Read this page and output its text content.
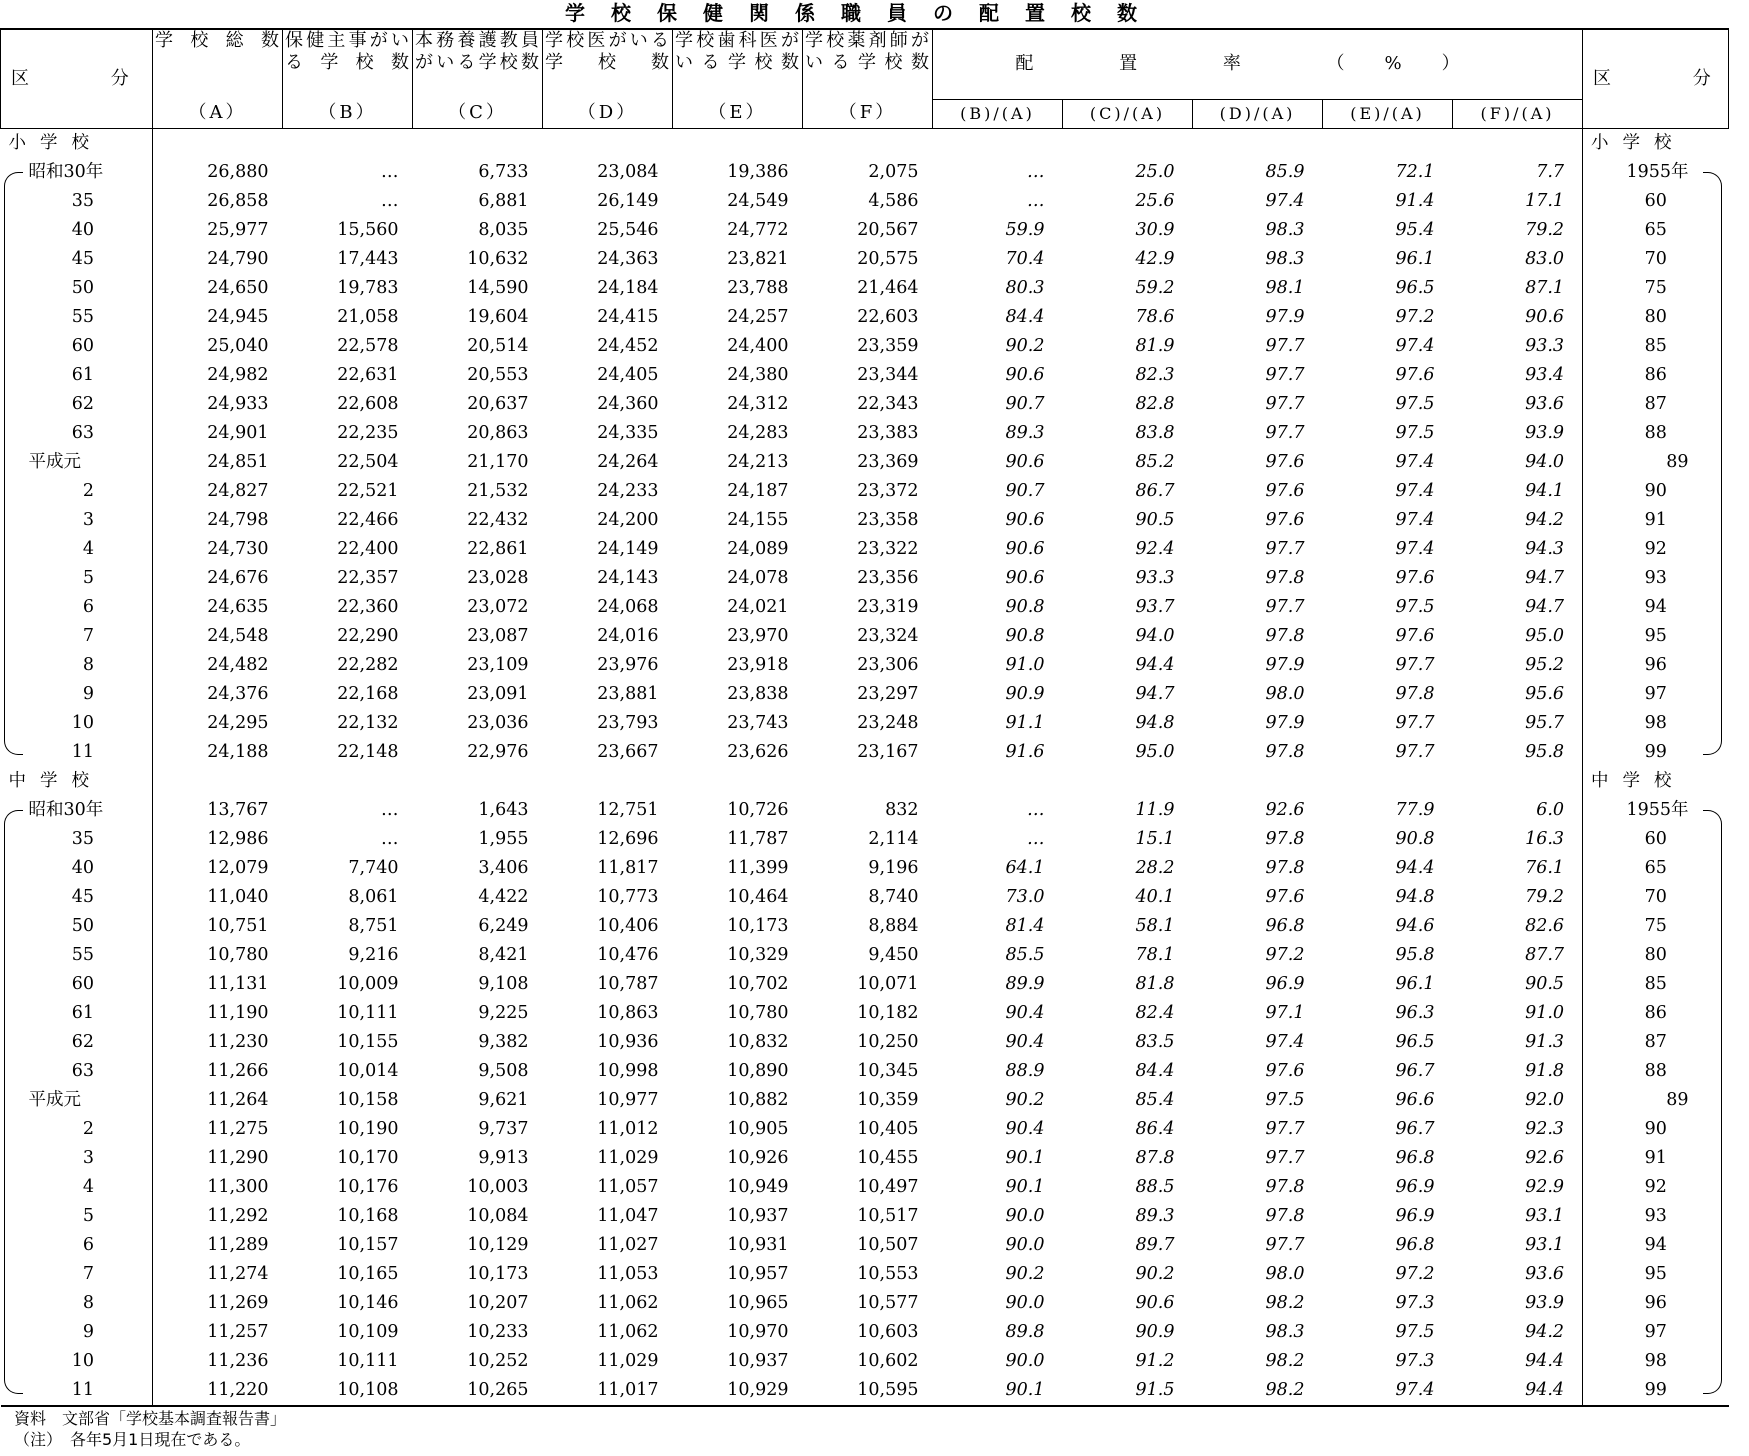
学校保健関係職員の配置校数
区 分	学校総数	保健主事がいる学校数	本務養護教員がいる学校数	学校医がいる学校数	学校歯科医がいる学校数	学校薬剤師がいる学校数	配 置 率 （%）					区 分
	（A）	（B）	（C）	（D）	（E）	（F）	(B)/(A)	(C)/(A)	(D)/(A)	(E)/(A)	(F)/(A)	
小学校												小学校
昭和30年	26,880	…	6,733	23,084	19,386	2,075	…	25.0	85.9	72.1	7.7	1955年
35	26,858	…	6,881	26,149	24,549	4,586	…	25.6	97.4	91.4	17.1	60
40	25,977	15,560	8,035	25,546	24,772	20,567	59.9	30.9	98.3	95.4	79.2	65
45	24,790	17,443	10,632	24,363	23,821	20,575	70.4	42.9	98.3	96.1	83.0	70
50	24,650	19,783	14,590	24,184	23,788	21,464	80.3	59.2	98.1	96.5	87.1	75
55	24,945	21,058	19,604	24,415	24,257	22,603	84.4	78.6	97.9	97.2	90.6	80
60	25,040	22,578	20,514	24,452	24,400	23,359	90.2	81.9	97.7	97.4	93.3	85
61	24,982	22,631	20,553	24,405	24,380	23,344	90.6	82.3	97.7	97.6	93.4	86
62	24,933	22,608	20,637	24,360	24,312	22,343	90.7	82.8	97.7	97.5	93.6	87
63	24,901	22,235	20,863	24,335	24,283	23,383	89.3	83.8	97.7	97.5	93.9	88
平成元	24,851	22,504	21,170	24,264	24,213	23,369	90.6	85.2	97.6	97.4	94.0	89
2	24,827	22,521	21,532	24,233	24,187	23,372	90.7	86.7	97.6	97.4	94.1	90
3	24,798	22,466	22,432	24,200	24,155	23,358	90.6	90.5	97.6	97.4	94.2	91
4	24,730	22,400	22,861	24,149	24,089	23,322	90.6	92.4	97.7	97.4	94.3	92
5	24,676	22,357	23,028	24,143	24,078	23,356	90.6	93.3	97.8	97.6	94.7	93
6	24,635	22,360	23,072	24,068	24,021	23,319	90.8	93.7	97.7	97.5	94.7	94
7	24,548	22,290	23,087	24,016	23,970	23,324	90.8	94.0	97.8	97.6	95.0	95
8	24,482	22,282	23,109	23,976	23,918	23,306	91.0	94.4	97.9	97.7	95.2	96
9	24,376	22,168	23,091	23,881	23,838	23,297	90.9	94.7	98.0	97.8	95.6	97
10	24,295	22,132	23,036	23,793	23,743	23,248	91.1	94.8	97.9	97.7	95.7	98
11	24,188	22,148	22,976	23,667	23,626	23,167	91.6	95.0	97.8	97.7	95.8	99
中学校												中学校
昭和30年	13,767	…	1,643	12,751	10,726	832	…	11.9	92.6	77.9	6.0	1955年
35	12,986	…	1,955	12,696	11,787	2,114	…	15.1	97.8	90.8	16.3	60
40	12,079	7,740	3,406	11,817	11,399	9,196	64.1	28.2	97.8	94.4	76.1	65
45	11,040	8,061	4,422	10,773	10,464	8,740	73.0	40.1	97.6	94.8	79.2	70
50	10,751	8,751	6,249	10,406	10,173	8,884	81.4	58.1	96.8	94.6	82.6	75
55	10,780	9,216	8,421	10,476	10,329	9,450	85.5	78.1	97.2	95.8	87.7	80
60	11,131	10,009	9,108	10,787	10,702	10,071	89.9	81.8	96.9	96.1	90.5	85
61	11,190	10,111	9,225	10,863	10,780	10,182	90.4	82.4	97.1	96.3	91.0	86
62	11,230	10,155	9,382	10,936	10,832	10,250	90.4	83.5	97.4	96.5	91.3	87
63	11,266	10,014	9,508	10,998	10,890	10,345	88.9	84.4	97.6	96.7	91.8	88
平成元	11,264	10,158	9,621	10,977	10,882	10,359	90.2	85.4	97.5	96.6	92.0	89
2	11,275	10,190	9,737	11,012	10,905	10,405	90.4	86.4	97.7	96.7	92.3	90
3	11,290	10,170	9,913	11,029	10,926	10,455	90.1	87.8	97.7	96.8	92.6	91
4	11,300	10,176	10,003	11,057	10,949	10,497	90.1	88.5	97.8	96.9	92.9	92
5	11,292	10,168	10,084	11,047	10,937	10,517	90.0	89.3	97.8	96.9	93.1	93
6	11,289	10,157	10,129	11,027	10,931	10,507	90.0	89.7	97.7	96.8	93.1	94
7	11,274	10,165	10,173	11,053	10,957	10,553	90.2	90.2	98.0	97.2	93.6	95
8	11,269	10,146	10,207	11,062	10,965	10,577	90.0	90.6	98.2	97.3	93.9	96
9	11,257	10,109	10,233	11,062	10,970	10,603	89.8	90.9	98.3	97.5	94.2	97
10	11,236	10,111	10,252	11,029	10,937	10,602	90.0	91.2	98.2	97.3	94.4	98
11	11,220	10,108	10,265	11,017	10,929	10,595	90.1	91.5	98.2	97.4	94.4	99
資料　文部省「学校基本調査報告書」
（注）　各年5月1日現在である。
